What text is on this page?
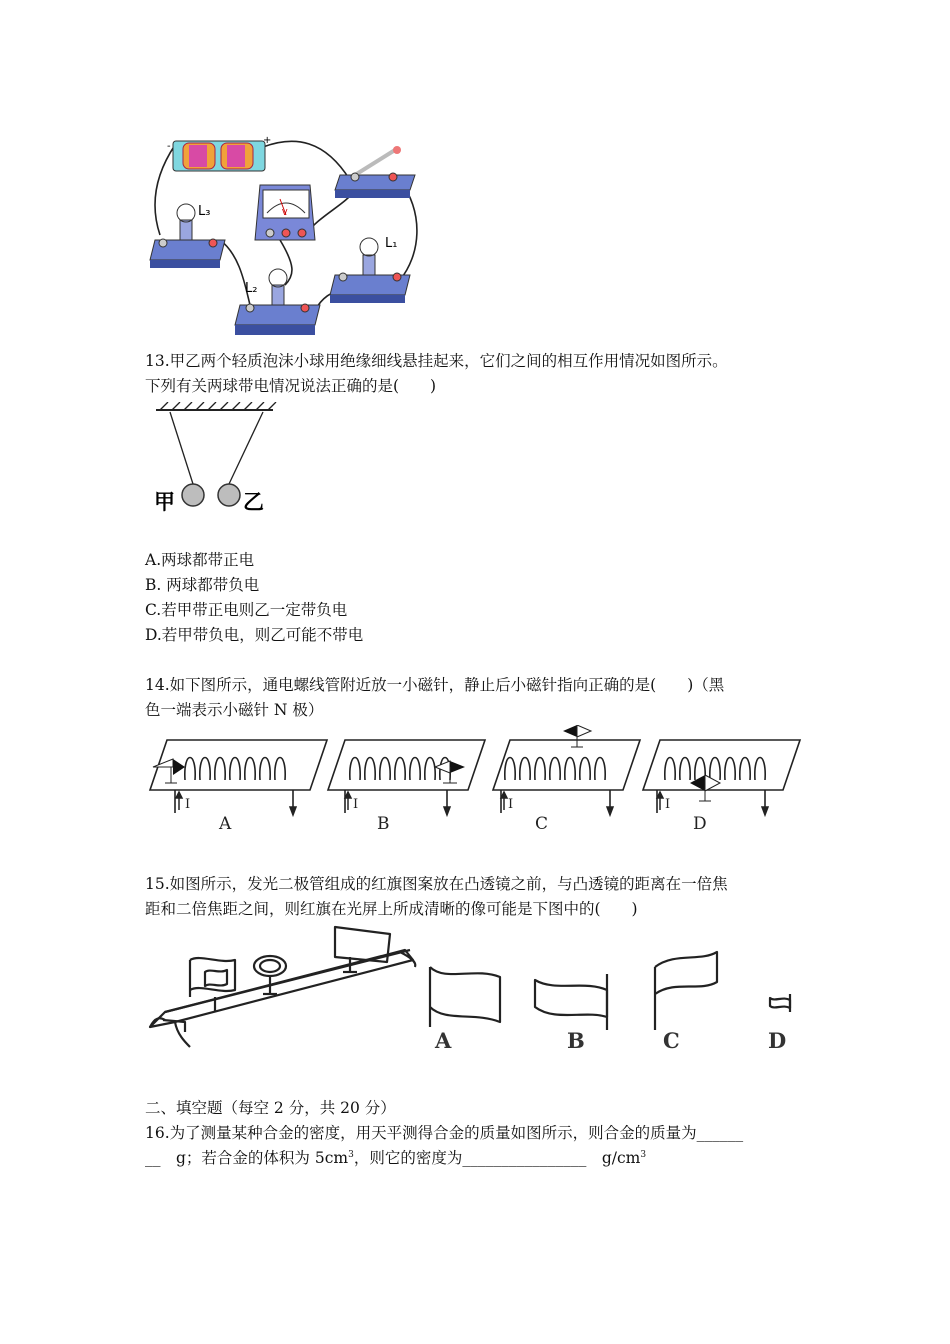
-
+
V
L₃
L₂
L₁
13.甲乙两个轻质泡沫小球用绝缘细线悬挂起来，它们之间的相互作用情况如图所示。
下列有关两球带电情况说法正确的是(　　)
甲	乙
A.两球都带正电
B. 两球都带负电
C.若甲带正电则乙一定带负电
D.若甲带负电，则乙可能不带电
14.如下图所示，通电螺线管附近放一小磁针，静止后小磁针指向正确的是(　　)（黑
色一端表示小磁针 N 极）
I	I	I	I
A	B	C	D
15.如图所示，发光二极管组成的红旗图案放在凸透镜之前，与凸透镜的距离在一倍焦
距和二倍焦距之间，则红旗在光屏上所成清晰的像可能是下图中的(　　)
A	B	C	D
二、填空题（每空 2 分，共 20 分）
16.为了测量某种合金的密度，用天平测得合金的质量如图所示，则合金的质量为______
__　g；若合金的体积为 $5cm^3$，则它的密度为________________　$g/cm^3$
